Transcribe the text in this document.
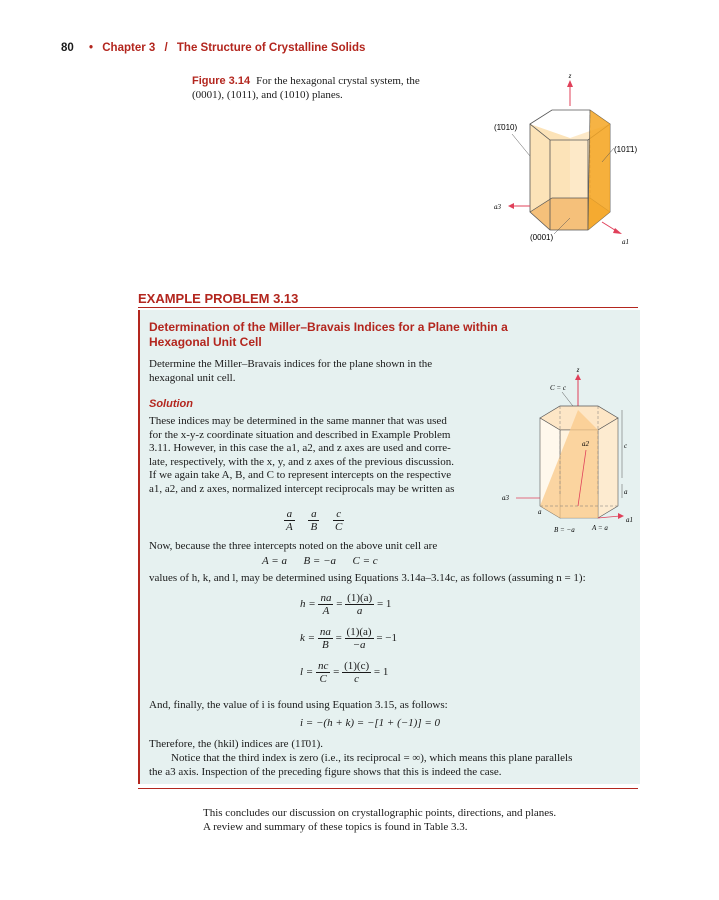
80 • Chapter 3 / The Structure of Crystalline Solids
Figure 3.14 For the hexagonal crystal system, the
(0001), (1011), and (1010) planes.
z
a1
a3
(1̄010)
(101̄1)
(0001)
EXAMPLE PROBLEM 3.13
Determination of the Miller–Bravais Indices for a Plane within a
Hexagonal Unit Cell
Determine the Miller–Bravais indices for the plane shown in the
hexagonal unit cell.
Solution
These indices may be determined in the same manner that was used
for the x-y-z coordinate situation and described in Example Problem
3.11. However, in this case the a1, a2, and z axes are used and corre-
late, respectively, with the x, y, and z axes of the previous discussion.
If we again take A, B, and C to represent intercepts on the respective
a1, a2, and z axes, normalized intercept reciprocals may be written as
$\frac{a}{A}$
$\frac{a}{B}$
$\frac{c}{C}$
Now, because the three intercepts noted on the above unit cell are
A = a      B = −a      C = c
values of h, k, and l, may be determined using Equations 3.14a–3.14c, as follows (assuming n = 1):
$h = \frac{na}{A} = \frac{(1)(a)}{a} = 1$
$k = \frac{na}{B} = \frac{(1)(a)}{-a} = -1$
$l = \frac{nc}{C} = \frac{(1)(c)}{c} = 1$
And, finally, the value of i is found using Equation 3.15, as follows:
i = −(h + k) = −[1 + (−1)] = 0
Therefore, the (hkil) indices are (11̄01).
Notice that the third index is zero (i.e., its reciprocal = ∞), which means this plane parallels
the a3 axis. Inspection of the preceding figure shows that this is indeed the case.
z
C = c
a2	c
a
a3
a
a1
B = −a A = a
This concludes our discussion on crystallographic points, directions, and planes.
A review and summary of these topics is found in Table 3.3.
